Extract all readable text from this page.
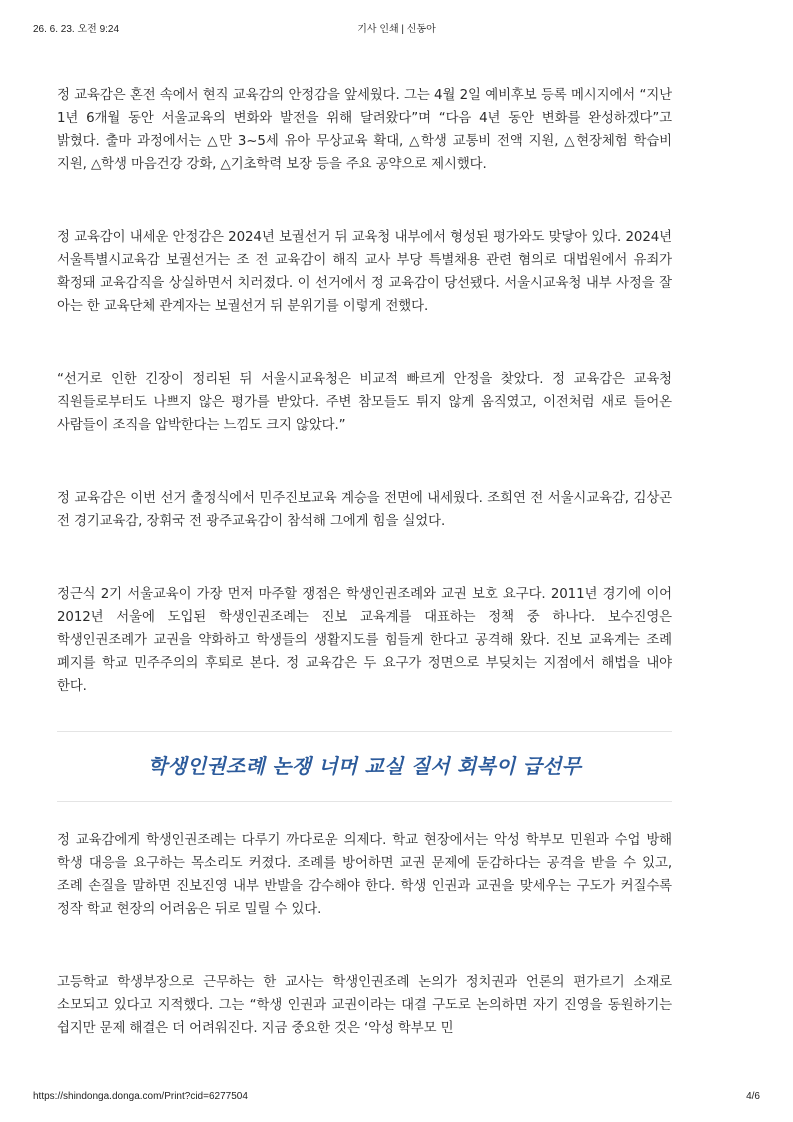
26. 6. 23. 오전 9:24	기사 인쇄 | 신동아

정 교육감은 혼전 속에서 현직 교육감의 안정감을 앞세웠다. 그는 4월 2일 예비후보 등록 메시지에서 “지난 1년 6개월 동안 서울교육의 변화와 발전을 위해 달려왔다”며 “다음 4년 동안 변화를 완성하겠다”고 밝혔다. 출마 과정에서는 △만 3~5세 유아 무상교육 확대, △학생 교통비 전액 지원, △현장체험 학습비 지원, △학생 마음건강 강화, △기초학력 보장 등을 주요 공약으로 제시했다.

정 교육감이 내세운 안정감은 2024년 보궐선거 뒤 교육청 내부에서 형성된 평가와도 맞닿아 있다. 2024년 서울특별시교육감 보궐선거는 조 전 교육감이 해직 교사 부당 특별채용 관련 혐의로 대법원에서 유죄가 확정돼 교육감직을 상실하면서 치러졌다. 이 선거에서 정 교육감이 당선됐다. 서울시교육청 내부 사정을 잘 아는 한 교육단체 관계자는 보궐선거 뒤 분위기를 이렇게 전했다.

“선거로 인한 긴장이 정리된 뒤 서울시교육청은 비교적 빠르게 안정을 찾았다. 정 교육감은 교육청 직원들로부터도 나쁘지 않은 평가를 받았다. 주변 참모들도 튀지 않게 움직였고, 이전처럼 새로 들어온 사람들이 조직을 압박한다는 느낌도 크지 않았다.”

정 교육감은 이번 선거 출정식에서 민주진보교육 계승을 전면에 내세웠다. 조희연 전 서울시교육감, 김상곤 전 경기교육감, 장휘국 전 광주교육감이 참석해 그에게 힘을 실었다.

정근식 2기 서울교육이 가장 먼저 마주할 쟁점은 학생인권조례와 교권 보호 요구다. 2011년 경기에 이어 2012년 서울에 도입된 학생인권조례는 진보 교육계를 대표하는 정책 중 하나다. 보수진영은 학생인권조례가 교권을 약화하고 학생들의 생활지도를 힘들게 한다고 공격해 왔다. 진보 교육계는 조례 폐지를 학교 민주주의의 후퇴로 본다. 정 교육감은 두 요구가 정면으로 부딪치는 지점에서 해법을 내야 한다.

학생인권조례 논쟁 너머 교실 질서 회복이 급선무

정 교육감에게 학생인권조례는 다루기 까다로운 의제다. 학교 현장에서는 악성 학부모 민원과 수업 방해 학생 대응을 요구하는 목소리도 커졌다. 조례를 방어하면 교권 문제에 둔감하다는 공격을 받을 수 있고, 조례 손질을 말하면 진보진영 내부 반발을 감수해야 한다. 학생 인권과 교권을 맞세우는 구도가 커질수록 정작 학교 현장의 어려움은 뒤로 밀릴 수 있다.

고등학교 학생부장으로 근무하는 한 교사는 학생인권조례 논의가 정치권과 언론의 편가르기 소재로 소모되고 있다고 지적했다. 그는 “학생 인권과 교권이라는 대결 구도로 논의하면 자기 진영을 동원하기는 쉽지만 문제 해결은 더 어려워진다. 지금 중요한 것은 ‘악성 학부모 민

https://shindonga.donga.com/Print?cid=6277504	4/6
